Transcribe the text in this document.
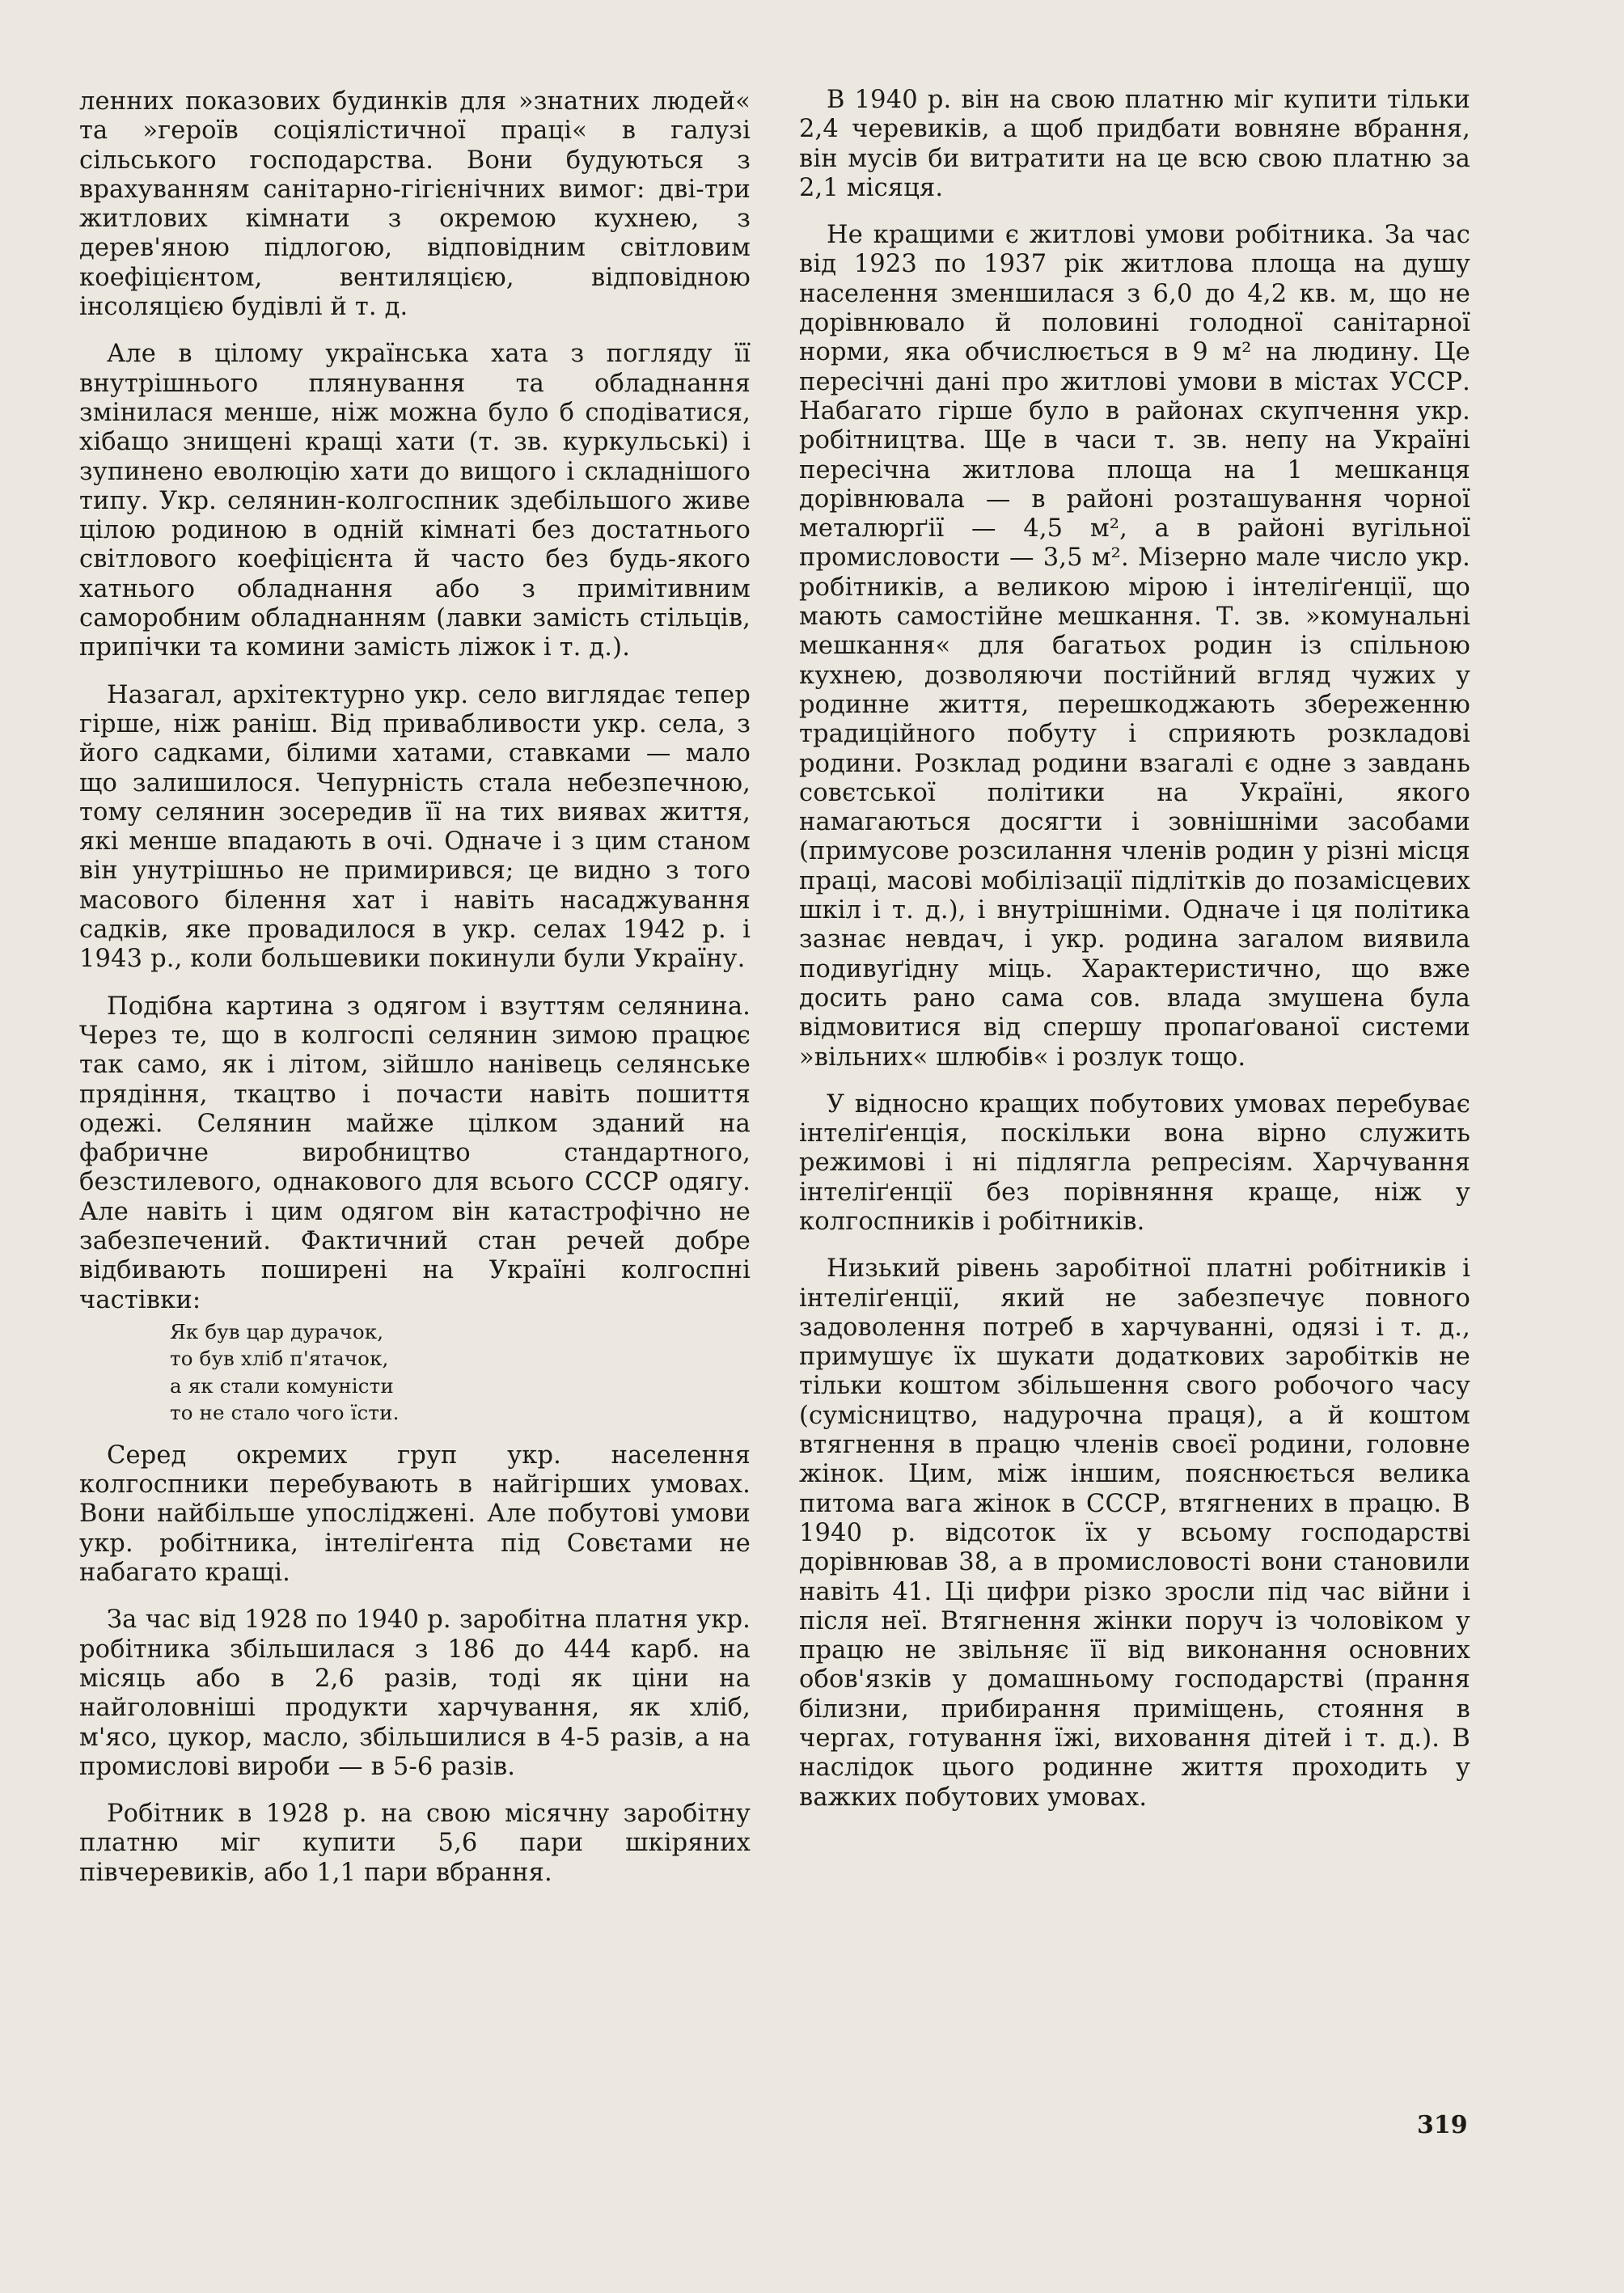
ленних показових будинків для »знатних людей« та »героїв соціялістичної праці« в галузі сільського господарства. Вони будуються з врахуванням санітарно-гігієнічних вимог: дві-три житлових кімнати з окремою кухнею, з дерев'яною підлогою, відповідним світловим коефіцієнтом, вентиляцією, відповідною інсоляцією будівлі й т. д.

Але в цілому українська хата з погляду її внутрішнього плянування та обладнання змінилася менше, ніж можна було б сподіватися, хібащо знищені кращі хати (т. зв. куркульські) і зупинено еволюцію хати до вищого і складнішого типу. Укр. селянин-колгоспник здебільшого живе цілою родиною в одній кімнаті без достатнього світлового коефіцієнта й часто без будь-якого хатнього обладнання або з примітивним саморобним обладнанням (лавки замість стільців, припічки та комини замість ліжок і т. д.).

Назагал, архітектурно укр. село виглядає тепер гірше, ніж раніш. Від привабливости укр. села, з його садками, білими хатами, ставками — мало що залишилося. Чепурність стала небезпечною, тому селянин зосередив її на тих виявах життя, які менше впадають в очі. Одначе і з цим станом він унутрішньо не примирився; це видно з того масового білення хат і навіть насаджування садків, яке провадилося в укр. селах 1942 р. і 1943 р., коли большевики покинули були Україну.

Подібна картина з одягом і взуттям селянина. Через те, що в колгоспі селянин зимою працює так само, як і літом, зійшло нанівець селянське прядіння, ткацтво і почасти навіть пошиття одежі. Селянин майже цілком зданий на фабричне виробництво стандартного, безстилевого, однакового для всього СССР одягу. Але навіть і цим одягом він катастрофічно не забезпечений. Фактичний стан речей добре відбивають поширені на Україні колгоспні частівки:

Як був цар дурачок,
то був хліб п'ятачок,
а як стали комуністи
то не стало чого їсти.

Серед окремих груп укр. населення колгоспники перебувають в найгірших умовах. Вони найбільше упосліджені. Але побутові умови укр. робітника, інтеліґента під Совєтами не набагато кращі.

За час від 1928 по 1940 р. заробітна платня укр. робітника збільшилася з 186 до 444 карб. на місяць або в 2,6 разів, тоді як ціни на найголовніші продукти харчування, як хліб, м'ясо, цукор, масло, збільшилися в 4-5 разів, а на промислові вироби — в 5-6 разів.

Робітник в 1928 р. на свою місячну заробітну платню міг купити 5,6 пари шкіряних півчеревиків, або 1,1 пари вбрання.

В 1940 р. він на свою платню міг купити тільки 2,4 черевиків, а щоб придбати вовняне вбрання, він мусів би витратити на це всю свою платню за 2,1 місяця.

Не кращими є житлові умови робітника. За час від 1923 по 1937 рік житлова площа на душу населення зменшилася з 6,0 до 4,2 кв. м, що не дорівнювало й половині голодної санітарної норми, яка обчислюється в 9 м² на людину. Це пересічні дані про житлові умови в містах УССР. Набагато гірше було в районах скупчення укр. робітництва. Ще в часи т. зв. непу на Україні пересічна житлова площа на 1 мешканця дорівнювала — в районі розташування чорної металюрґії — 4,5 м², а в районі вугільної промисловости — 3,5 м². Мізерно мале число укр. робітників, а великою мірою і інтеліґенції, що мають самостійне мешкання. Т. зв. »комунальні мешкання« для багатьох родин із спільною кухнею, дозволяючи постійний вгляд чужих у родинне життя, перешкоджають збереженню традиційного побуту і сприяють розкладові родини. Розклад родини взагалі є одне з завдань совєтської політики на Україні, якого намагаються досягти і зовнішніми засобами (примусове розсилання членів родин у різні місця праці, масові мобілізації підлітків до позамісцевих шкіл і т. д.), і внутрішніми. Одначе і ця політика зазнає невдач, і укр. родина загалом виявила подивуґідну міць. Характеристично, що вже досить рано сама сов. влада змушена була відмовитися від спершу пропаґованої системи »вільних« шлюбів« і розлук тощо.

У відносно кращих побутових умовах перебуває інтеліґенція, поскільки вона вірно служить режимові і ні підлягла репресіям. Харчування інтеліґенції без порівняння краще, ніж у колгоспників і робітників.

Низький рівень заробітної платні робітників і інтеліґенції, який не забезпечує повного задоволення потреб в харчуванні, одязі і т. д., примушує їх шукати додаткових заробітків не тільки коштом збільшення свого робочого часу (сумісництво, надурочна праця), а й коштом втягнення в працю членів своєї родини, головне жінок. Цим, між іншим, пояснюється велика питома вага жінок в СССР, втягнених в працю. В 1940 р. відсоток їх у всьому господарстві дорівнював 38, а в промисловості вони становили навіть 41. Ці цифри різко зросли під час війни і після неї. Втягнення жінки поруч із чоловіком у працю не звільняє її від виконання основних обов'язків у домашньому господарстві (прання білизни, прибирання приміщень, стояння в чергах, готування їжі, виховання дітей і т. д.). В наслідок цього родинне життя проходить у важких побутових умовах.

319
